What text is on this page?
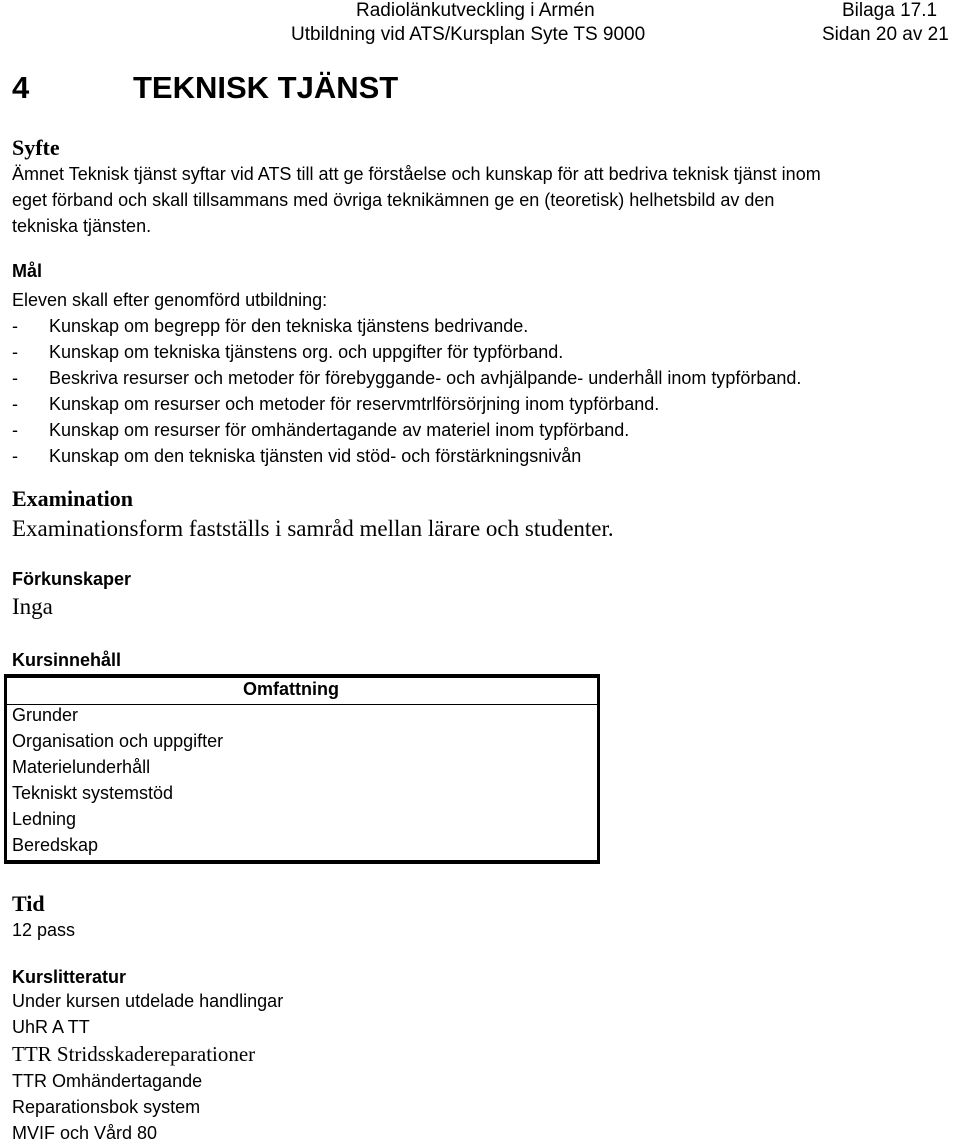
Radiolänkutveckling i Armén	Bilaga 17.1
Utbildning vid ATS/Kursplan Syte TS 9000	Sidan 20 av 21
4	TEKNISK TJÄNST
Syfte
Ämnet Teknisk tjänst syftar vid ATS till att ge förståelse och kunskap för att bedriva teknisk tjänst inom
eget förband och skall tillsammans med övriga teknikämnen ge en (teoretisk) helhetsbild av den
tekniska tjänsten.
Mål
Eleven skall efter genomförd utbildning:
- Kunskap om begrepp för den tekniska tjänstens bedrivande.
- Kunskap om tekniska tjänstens org. och uppgifter för typförband.
- Beskriva resurser och metoder för förebyggande- och avhjälpande- underhåll inom typförband.
- Kunskap om resurser och metoder för reservmtrlförsörjning inom typförband.
- Kunskap om resurser för omhändertagande av materiel inom typförband.
- Kunskap om den tekniska tjänsten vid stöd- och förstärkningsnivån
Examination
Examinationsform fastställs i samråd mellan lärare och studenter.
Förkunskaper
Inga
Kursinnehåll
Omfattning
Grunder
Organisation och uppgifter
Materielunderhåll
Tekniskt systemstöd
Ledning
Beredskap
Tid
12 pass
Kurslitteratur
Under kursen utdelade handlingar
UhR A TT
TTR Stridsskadereparationer
TTR Omhändertagande
Reparationsbok system
MVIF och Vård 80
